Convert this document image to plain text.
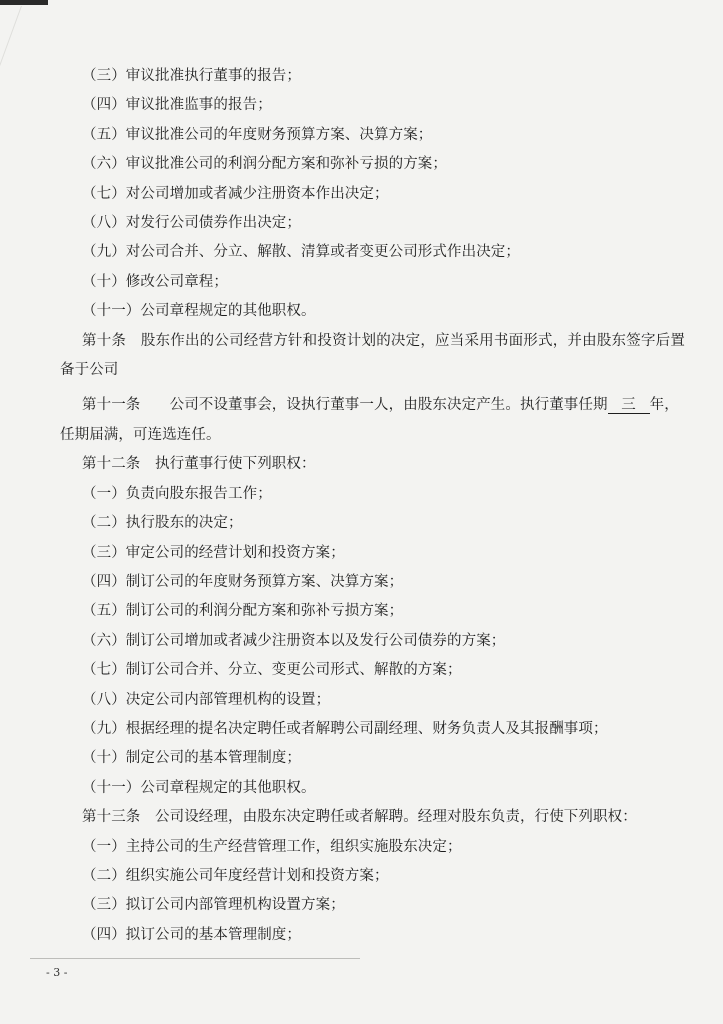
（三）审议批准执行董事的报告；
（四）审议批准监事的报告；
（五）审议批准公司的年度财务预算方案、决算方案；
（六）审议批准公司的利润分配方案和弥补亏损的方案；
（七）对公司增加或者减少注册资本作出决定；
（八）对发行公司债券作出决定；
（九）对公司合并、分立、解散、清算或者变更公司形式作出决定；
（十）修改公司章程；
（十一）公司章程规定的其他职权。
第十条　股东作出的公司经营方针和投资计划的决定，应当采用书面形式，并由股东签字后置备于公司
第十一条　　公司不设董事会，设执行董事一人，由股东决定产生。执行董事任期 三 年，
任期届满，可连选连任。
第十二条　执行董事行使下列职权：
（一）负责向股东报告工作；
（二）执行股东的决定；
（三）审定公司的经营计划和投资方案；
（四）制订公司的年度财务预算方案、决算方案；
（五）制订公司的利润分配方案和弥补亏损方案；
（六）制订公司增加或者减少注册资本以及发行公司债券的方案；
（七）制订公司合并、分立、变更公司形式、解散的方案；
（八）决定公司内部管理机构的设置；
（九）根据经理的提名决定聘任或者解聘公司副经理、财务负责人及其报酬事项；
（十）制定公司的基本管理制度；
（十一）公司章程规定的其他职权。
第十三条　公司设经理，由股东决定聘任或者解聘。经理对股东负责，行使下列职权：
（一）主持公司的生产经营管理工作，组织实施股东决定；
（二）组织实施公司年度经营计划和投资方案；
（三）拟订公司内部管理机构设置方案；
（四）拟订公司的基本管理制度；
- 3 -
